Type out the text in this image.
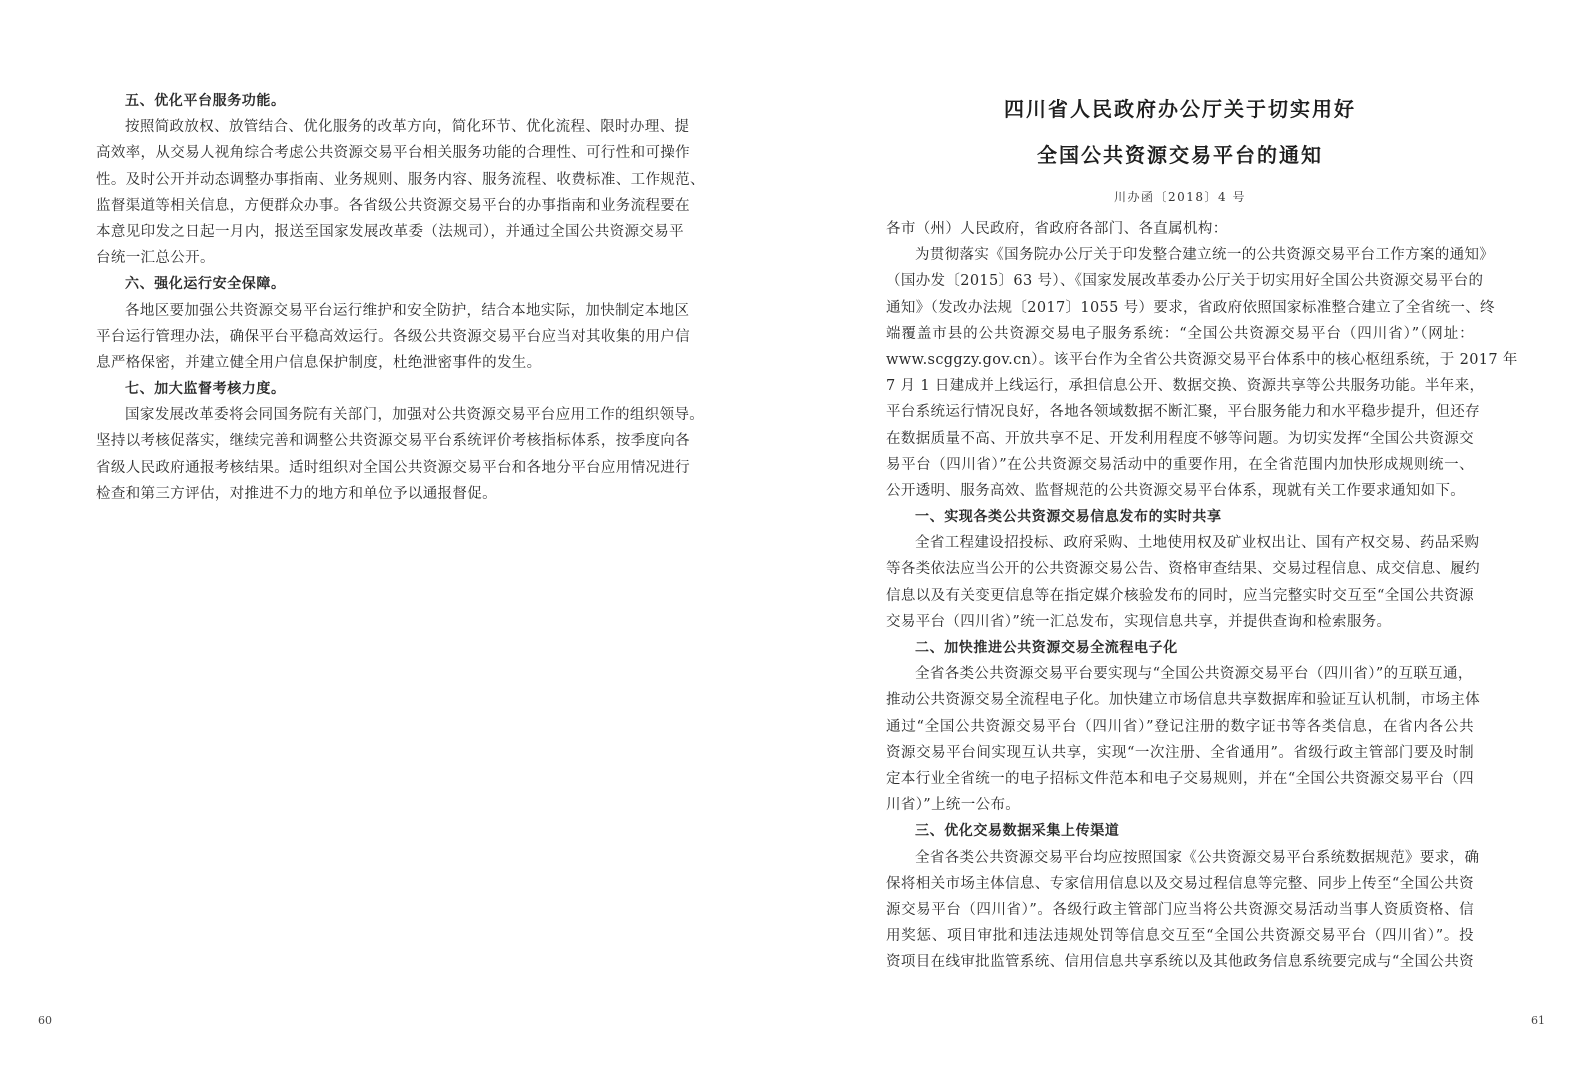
五、优化平台服务功能。
按照简政放权、放管结合、优化服务的改革方向，简化环节、优化流程、限时办理、提
高效率，从交易人视角综合考虑公共资源交易平台相关服务功能的合理性、可行性和可操作
性。及时公开并动态调整办事指南、业务规则、服务内容、服务流程、收费标准、工作规范、
监督渠道等相关信息，方便群众办事。各省级公共资源交易平台的办事指南和业务流程要在
本意见印发之日起一月内，报送至国家发展改革委（法规司），并通过全国公共资源交易平
台统一汇总公开。
六、强化运行安全保障。
各地区要加强公共资源交易平台运行维护和安全防护，结合本地实际，加快制定本地区
平台运行管理办法，确保平台平稳高效运行。各级公共资源交易平台应当对其收集的用户信
息严格保密，并建立健全用户信息保护制度，杜绝泄密事件的发生。
七、加大监督考核力度。
国家发展改革委将会同国务院有关部门，加强对公共资源交易平台应用工作的组织领导。
坚持以考核促落实，继续完善和调整公共资源交易平台系统评价考核指标体系，按季度向各
省级人民政府通报考核结果。适时组织对全国公共资源交易平台和各地分平台应用情况进行
检查和第三方评估，对推进不力的地方和单位予以通报督促。
60
四川省人民政府办公厅关于切实用好
全国公共资源交易平台的通知
川办函〔2018〕4 号
各市（州）人民政府，省政府各部门、各直属机构：
为贯彻落实《国务院办公厅关于印发整合建立统一的公共资源交易平台工作方案的通知》
（国办发〔2015〕63 号）、《国家发展改革委办公厅关于切实用好全国公共资源交易平台的
通知》（发改办法规〔2017〕1055 号）要求，省政府依照国家标准整合建立了全省统一、终
端覆盖市县的公共资源交易电子服务系统：“全国公共资源交易平台（四川省）”（网址：
www.scggzy.gov.cn）。该平台作为全省公共资源交易平台体系中的核心枢纽系统，于 2017 年
7 月 1 日建成并上线运行，承担信息公开、数据交换、资源共享等公共服务功能。半年来，
平台系统运行情况良好，各地各领域数据不断汇聚，平台服务能力和水平稳步提升，但还存
在数据质量不高、开放共享不足、开发利用程度不够等问题。为切实发挥“全国公共资源交
易平台（四川省）”在公共资源交易活动中的重要作用，在全省范围内加快形成规则统一、
公开透明、服务高效、监督规范的公共资源交易平台体系，现就有关工作要求通知如下。
一、实现各类公共资源交易信息发布的实时共享
全省工程建设招投标、政府采购、土地使用权及矿业权出让、国有产权交易、药品采购
等各类依法应当公开的公共资源交易公告、资格审查结果、交易过程信息、成交信息、履约
信息以及有关变更信息等在指定媒介核验发布的同时，应当完整实时交互至“全国公共资源
交易平台（四川省）”统一汇总发布，实现信息共享，并提供查询和检索服务。
二、加快推进公共资源交易全流程电子化
全省各类公共资源交易平台要实现与“全国公共资源交易平台（四川省）”的互联互通，
推动公共资源交易全流程电子化。加快建立市场信息共享数据库和验证互认机制，市场主体
通过“全国公共资源交易平台（四川省）”登记注册的数字证书等各类信息，在省内各公共
资源交易平台间实现互认共享，实现“一次注册、全省通用”。省级行政主管部门要及时制
定本行业全省统一的电子招标文件范本和电子交易规则，并在“全国公共资源交易平台（四
川省）”上统一公布。
三、优化交易数据采集上传渠道
全省各类公共资源交易平台均应按照国家《公共资源交易平台系统数据规范》要求，确
保将相关市场主体信息、专家信用信息以及交易过程信息等完整、同步上传至“全国公共资
源交易平台（四川省）”。各级行政主管部门应当将公共资源交易活动当事人资质资格、信
用奖惩、项目审批和违法违规处罚等信息交互至“全国公共资源交易平台（四川省）”。投
资项目在线审批监管系统、信用信息共享系统以及其他政务信息系统要完成与“全国公共资
61
